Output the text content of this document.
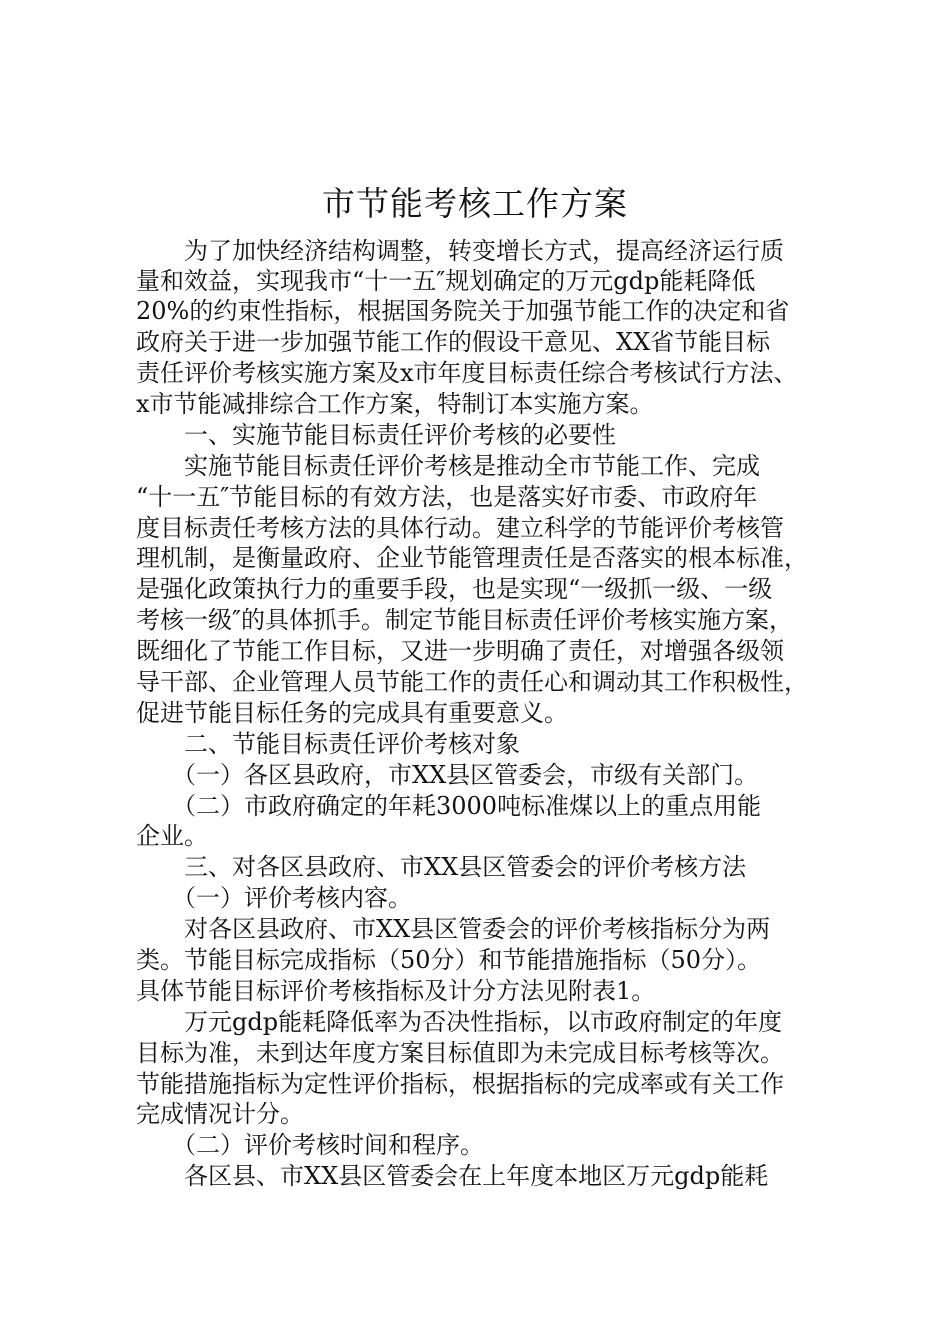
市节能考核工作方案
　　为了加快经济结构调整，转变增长方式，提高经济运行质
量和效益，实现我市“十一五″规划确定的万元gdp能耗降低
20%的约束性指标，根据国务院关于加强节能工作的决定和省
政府关于进一步加强节能工作的假设干意见、XX省节能目标
责任评价考核实施方案及x市年度目标责任综合考核试行方法、
x市节能减排综合工作方案，特制订本实施方案。
　　一、实施节能目标责任评价考核的必要性
　　实施节能目标责任评价考核是推动全市节能工作、完成
“十一五″节能目标的有效方法，也是落实好市委、市政府年
度目标责任考核方法的具体行动。建立科学的节能评价考核管
理机制，是衡量政府、企业节能管理责任是否落实的根本标准，
是强化政策执行力的重要手段，也是实现“一级抓一级、一级
考核一级″的具体抓手。制定节能目标责任评价考核实施方案，
既细化了节能工作目标，又进一步明确了责任，对增强各级领
导干部、企业管理人员节能工作的责任心和调动其工作积极性，
促进节能目标任务的完成具有重要意义。
　　二、节能目标责任评价考核对象
　　（一）各区县政府，市XX县区管委会，市级有关部门。
　　（二）市政府确定的年耗3000吨标准煤以上的重点用能
企业。
　　三、对各区县政府、市XX县区管委会的评价考核方法
　　（一）评价考核内容。
　　对各区县政府、市XX县区管委会的评价考核指标分为两
类。节能目标完成指标（50分）和节能措施指标（50分）。
具体节能目标评价考核指标及计分方法见附表1。
　　万元gdp能耗降低率为否决性指标，以市政府制定的年度
目标为准，未到达年度方案目标值即为未完成目标考核等次。
节能措施指标为定性评价指标，根据指标的完成率或有关工作
完成情况计分。
　　（二）评价考核时间和程序。
　　各区县、市XX县区管委会在上年度本地区万元gdp能耗
